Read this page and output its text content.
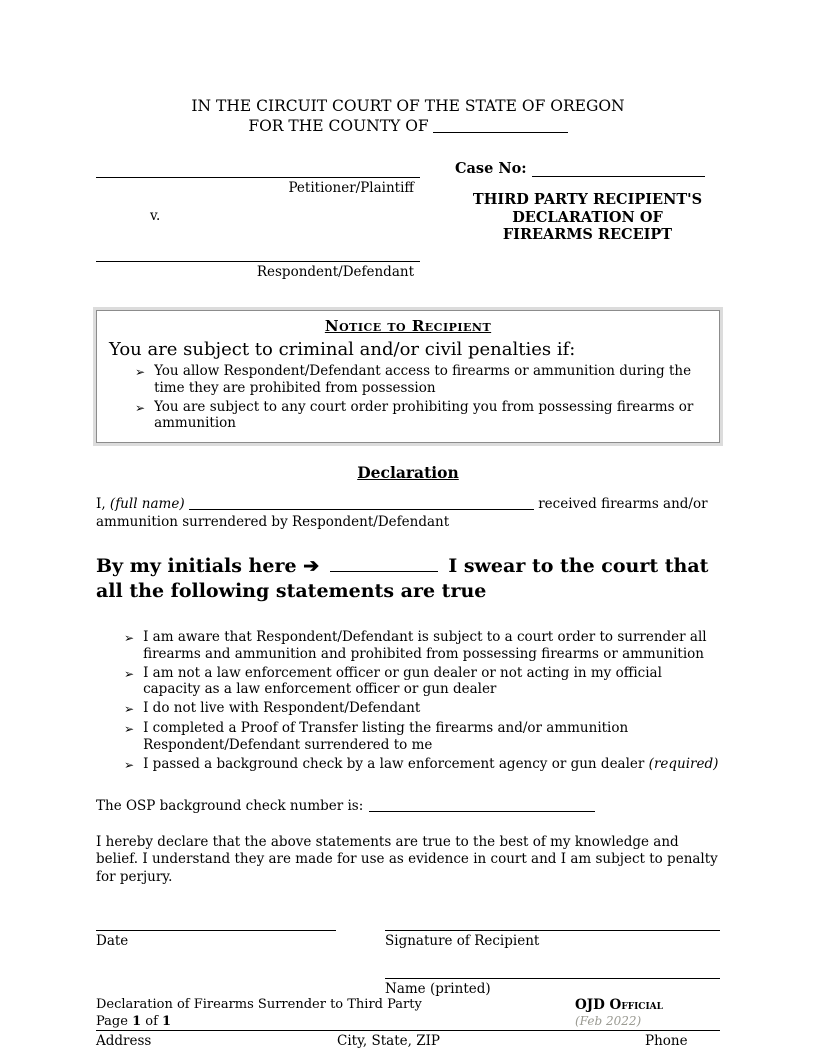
IN THE CIRCUIT COURT OF THE STATE OF OREGON
FOR THE COUNTY OF
Petitioner/Plaintiff
v.
Respondent/Defendant
Case No:
THIRD PARTY RECIPIENT'S
DECLARATION OF
FIREARMS RECEIPT
Notice to Recipient
You are subject to criminal and/or civil penalties if:
➢ You allow Respondent/Defendant access to firearms or ammunition during the time they are prohibited from possession
➢ You are subject to any court order prohibiting you from possessing firearms or ammunition
Declaration

I, (full name)	received firearms and/or ammunition surrendered by Respondent/Defendant

By my initials here ➔	I swear to the court that all the following statements are true
➢ I am aware that Respondent/Defendant is subject to a court order to surrender all firearms and ammunition and prohibited from possessing firearms or ammunition
➢ I am not a law enforcement officer or gun dealer or not acting in my official capacity as a law enforcement officer or gun dealer
➢ I do not live with Respondent/Defendant
➢ I completed a Proof of Transfer listing the firearms and/or ammunition Respondent/Defendant surrendered to me
➢ I passed a background check by a law enforcement agency or gun dealer (required)
The OSP background check number is:

I hereby declare that the above statements are true to the best of my knowledge and belief. I understand they are made for use as evidence in court and I am subject to penalty for perjury.

Date	Signature of Recipient
Name (printed)
Address	City, State, ZIP	Phone
Declaration of Firearms Surrender to Third Party
Page 1 of 1
OJD Official
(Feb 2022)
